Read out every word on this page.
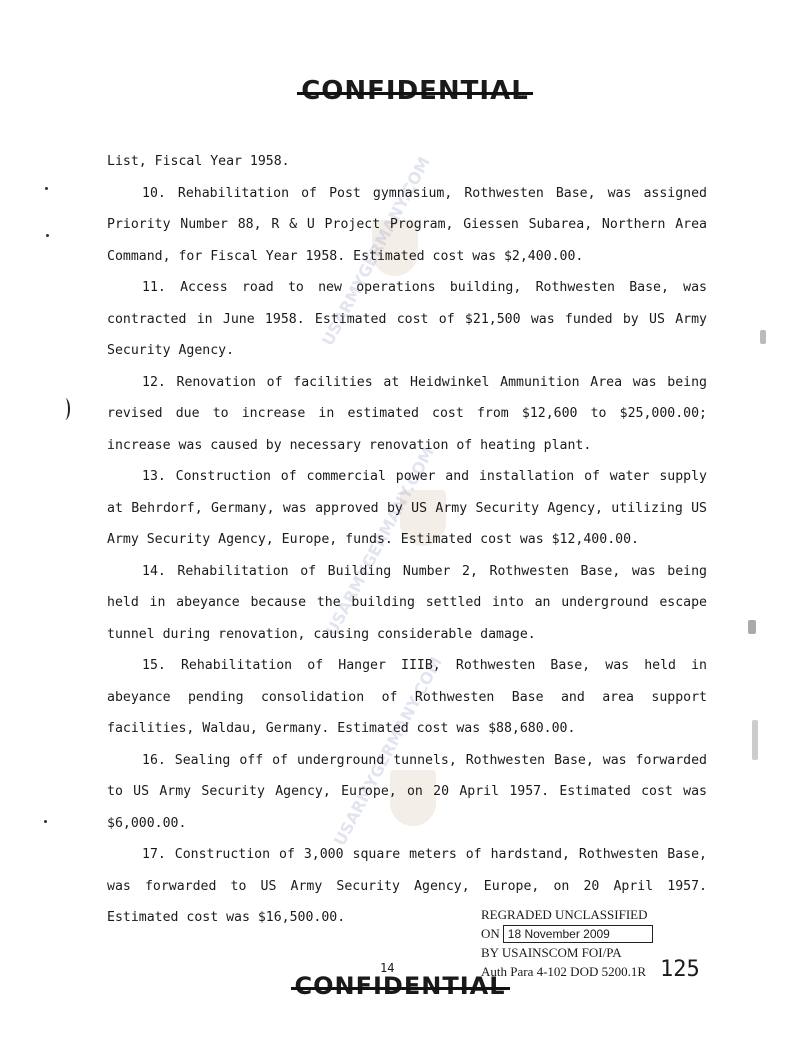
USARMYGERMANY.COM
USARMYGERMANY.COM
USARMYGERMANY.COM
CONFIDENTIAL

List, Fiscal Year 1958.

10. Rehabilitation of Post gymnasium, Rothwesten Base, was assigned Priority Number 88, R & U Project Program, Giessen Subarea, Northern Area Command, for Fiscal Year 1958. Estimated cost was $2,400.00.

11. Access road to new operations building, Rothwesten Base, was contracted in June 1958. Estimated cost of $21,500 was funded by US Army Security Agency.

12. Renovation of facilities at Heidwinkel Ammunition Area was being revised due to increase in estimated cost from $12,600 to $25,000.00; increase was caused by necessary renovation of heating plant.

13. Construction of commercial power and installation of water supply at Behrdorf, Germany, was approved by US Army Security Agency, utilizing US Army Security Agency, Europe, funds. Estimated cost was $12,400.00.

14. Rehabilitation of Building Number 2, Rothwesten Base, was being held in abeyance because the building settled into an underground escape tunnel during renovation, causing considerable damage.

15. Rehabilitation of Hanger IIIB, Rothwesten Base, was held in abeyance pending consolidation of Rothwesten Base and area support facilities, Waldau, Germany. Estimated cost was $88,680.00.

16. Sealing off of underground tunnels, Rothwesten Base, was forwarded to US Army Security Agency, Europe, on 20 April 1957. Estimated cost was $6,000.00.

17. Construction of 3,000 square meters of hardstand, Rothwesten Base, was forwarded to US Army Security Agency, Europe, on 20 April 1957. Estimated cost was $16,500.00.	REGRADED UNCLASSIFIED
ON 18 November 2009
BY USAINSCOM FOI/PA
Auth Para 4-102 DOD 5200.1R
14	125
CONFIDENTIAL
